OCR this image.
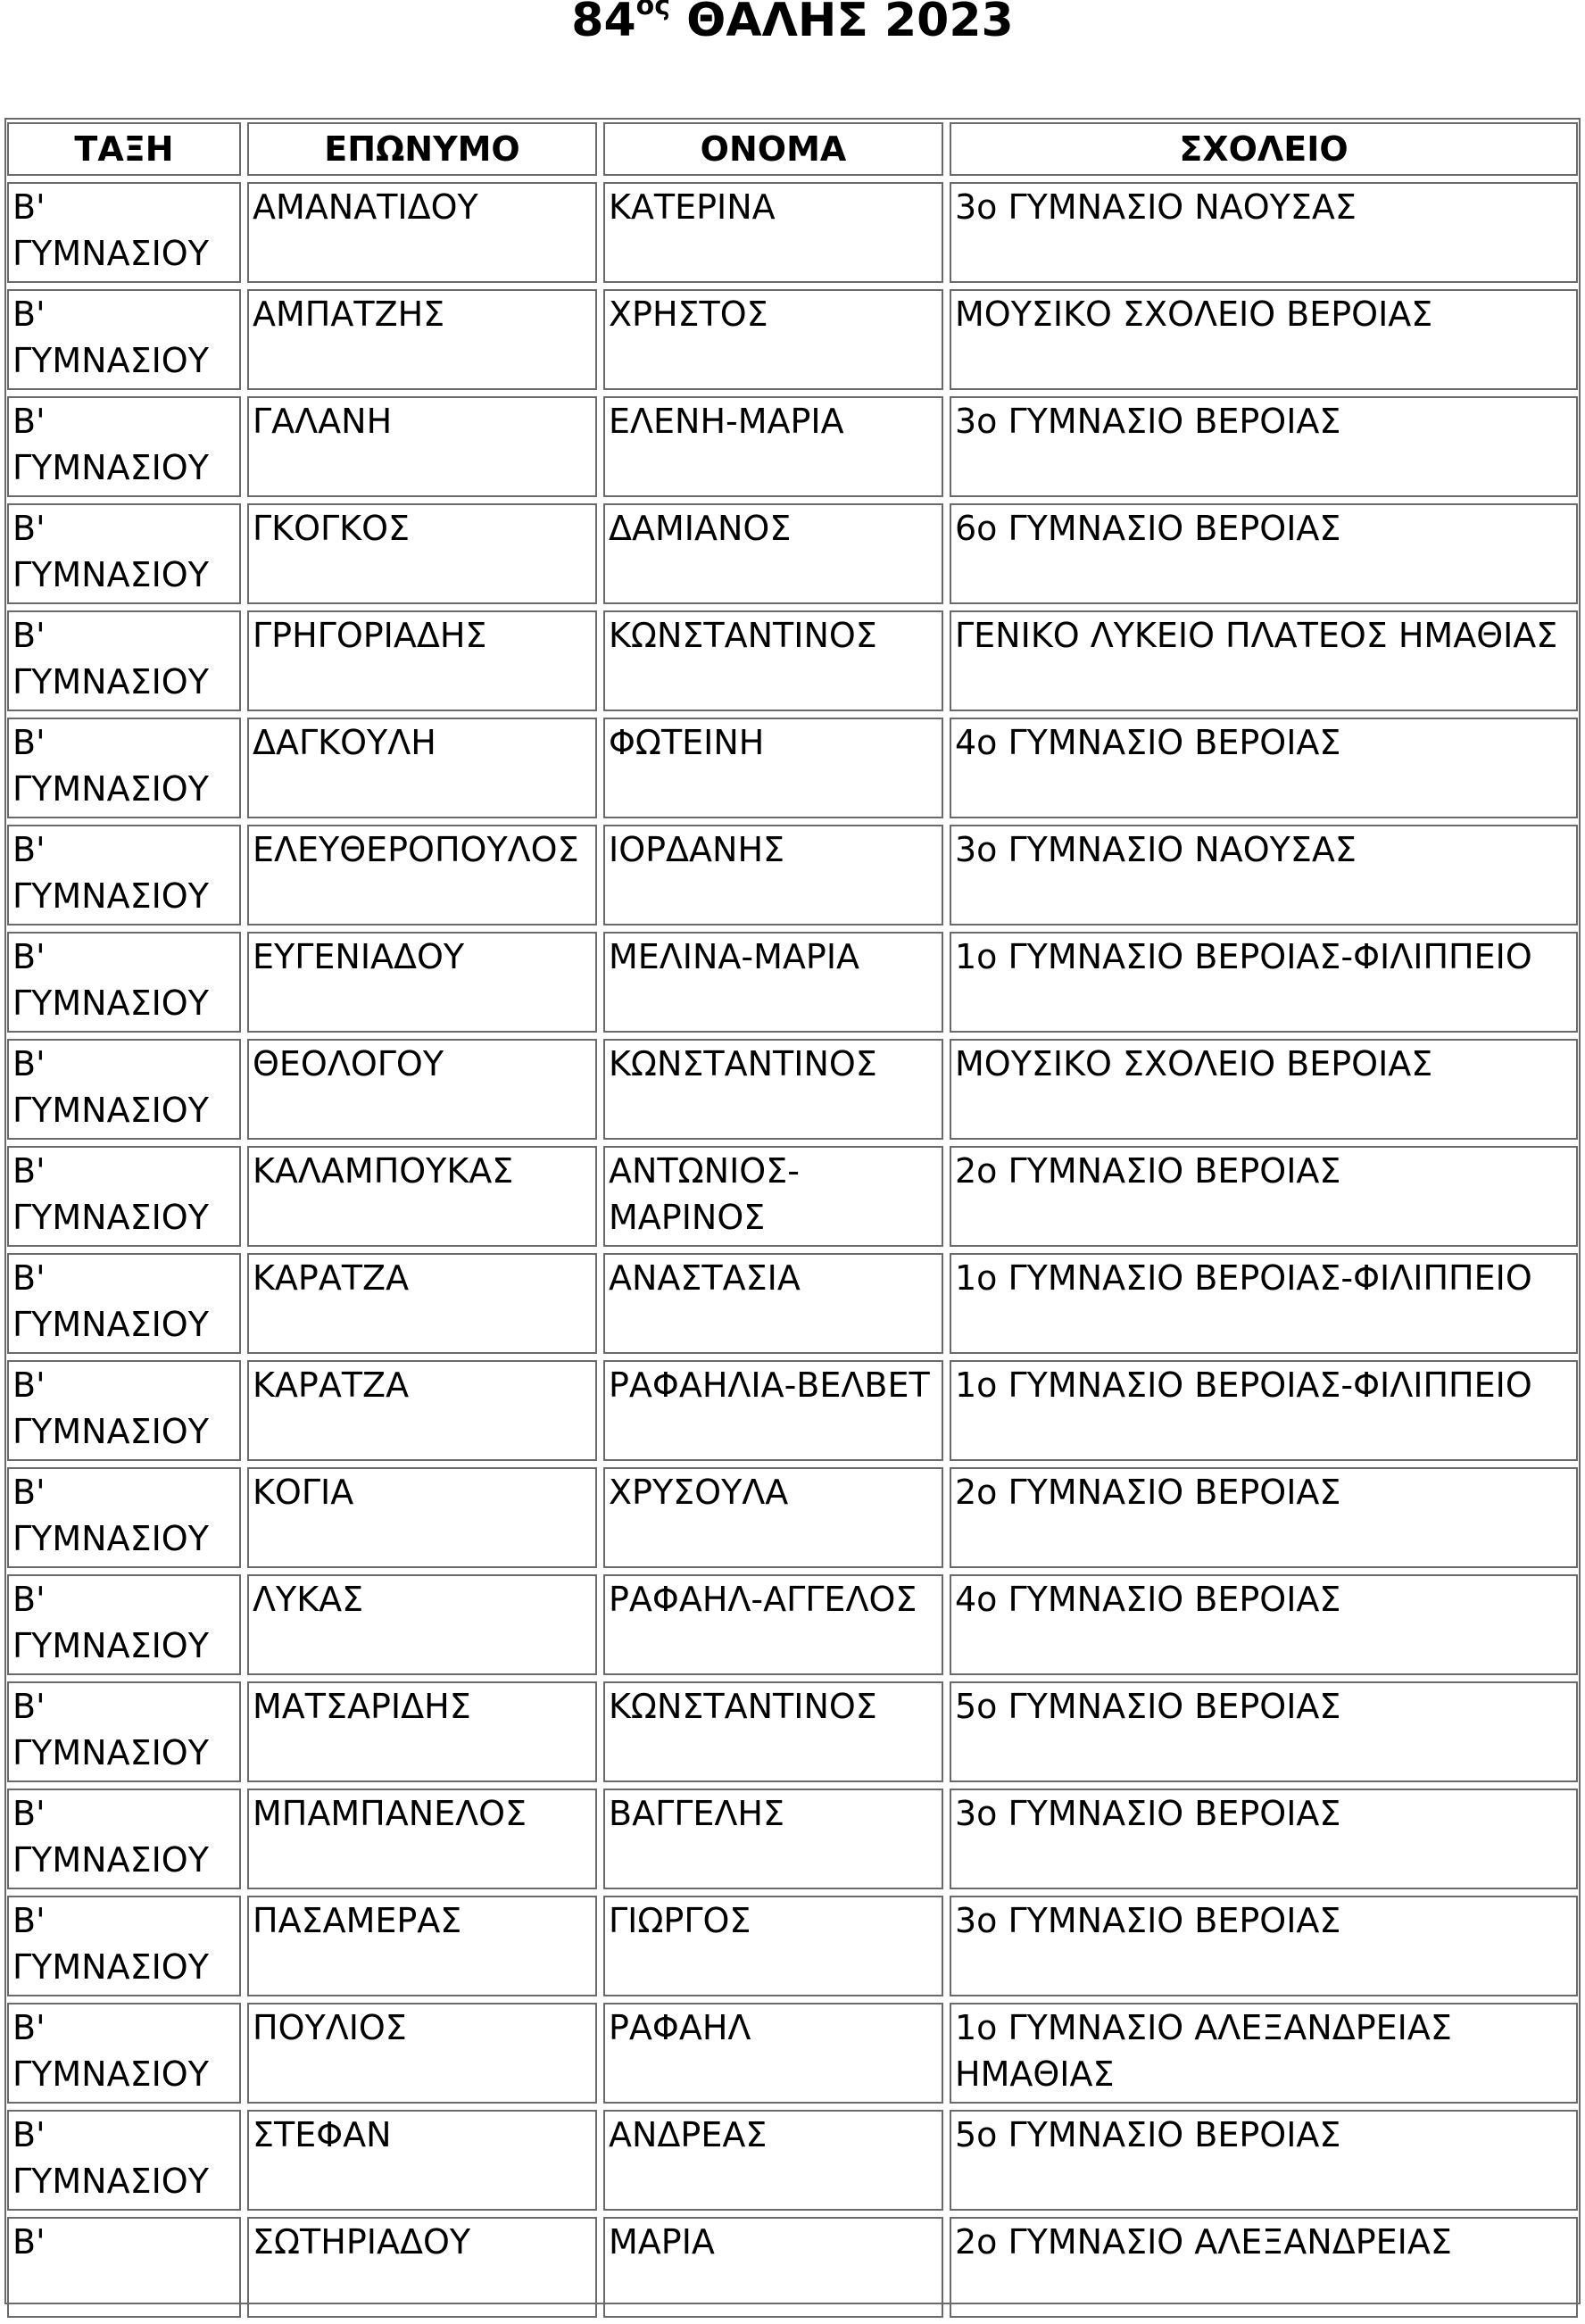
$84^{o\varsigma}$ ΘΑΛΗΣ 2023
ΤΑΞΗ	ΕΠΩΝΥΜΟ	ΟΝΟΜΑ	ΣΧΟΛΕΙΟ
Β' ΓΥΜΝΑΣΙΟΥ	ΑΜΑΝΑΤΙΔΟΥ	ΚΑΤΕΡΙΝΑ	3ο ΓΥΜΝΑΣΙΟ ΝΑΟΥΣΑΣ
Β' ΓΥΜΝΑΣΙΟΥ	ΑΜΠΑΤΖΗΣ	ΧΡΗΣΤΟΣ	ΜΟΥΣΙΚΟ ΣΧΟΛΕΙΟ ΒΕΡΟΙΑΣ
Β' ΓΥΜΝΑΣΙΟΥ	ΓΑΛΑΝΗ	ΕΛΕΝΗ-ΜΑΡΙΑ	3ο ΓΥΜΝΑΣΙΟ ΒΕΡΟΙΑΣ
Β' ΓΥΜΝΑΣΙΟΥ	ΓΚΟΓΚΟΣ	ΔΑΜΙΑΝΟΣ	6ο ΓΥΜΝΑΣΙΟ ΒΕΡΟΙΑΣ
Β' ΓΥΜΝΑΣΙΟΥ	ΓΡΗΓΟΡΙΑΔΗΣ	ΚΩΝΣΤΑΝΤΙΝΟΣ	ΓΕΝΙΚΟ ΛΥΚΕΙΟ ΠΛΑΤΕΟΣ ΗΜΑΘΙΑΣ
Β' ΓΥΜΝΑΣΙΟΥ	ΔΑΓΚΟΥΛΗ	ΦΩΤΕΙΝΗ	4ο ΓΥΜΝΑΣΙΟ ΒΕΡΟΙΑΣ
Β' ΓΥΜΝΑΣΙΟΥ	ΕΛΕΥΘΕΡΟΠΟΥΛΟΣ	ΙΟΡΔΑΝΗΣ	3ο ΓΥΜΝΑΣΙΟ ΝΑΟΥΣΑΣ
Β' ΓΥΜΝΑΣΙΟΥ	ΕΥΓΕΝΙΑΔΟΥ	ΜΕΛΙΝΑ-ΜΑΡΙΑ	1ο ΓΥΜΝΑΣΙΟ ΒΕΡΟΙΑΣ-ΦΙΛΙΠΠΕΙΟ
Β' ΓΥΜΝΑΣΙΟΥ	ΘΕΟΛΟΓΟΥ	ΚΩΝΣΤΑΝΤΙΝΟΣ	ΜΟΥΣΙΚΟ ΣΧΟΛΕΙΟ ΒΕΡΟΙΑΣ
Β' ΓΥΜΝΑΣΙΟΥ	ΚΑΛΑΜΠΟΥΚΑΣ	ΑΝΤΩΝΙΟΣ-ΜΑΡΙΝΟΣ	2ο ΓΥΜΝΑΣΙΟ ΒΕΡΟΙΑΣ
Β' ΓΥΜΝΑΣΙΟΥ	ΚΑΡΑΤΖΑ	ΑΝΑΣΤΑΣΙΑ	1ο ΓΥΜΝΑΣΙΟ ΒΕΡΟΙΑΣ-ΦΙΛΙΠΠΕΙΟ
Β' ΓΥΜΝΑΣΙΟΥ	ΚΑΡΑΤΖΑ	ΡΑΦΑΗΛΙΑ-ΒΕΛΒΕΤ	1ο ΓΥΜΝΑΣΙΟ ΒΕΡΟΙΑΣ-ΦΙΛΙΠΠΕΙΟ
Β' ΓΥΜΝΑΣΙΟΥ	ΚΟΓΙΑ	ΧΡΥΣΟΥΛΑ	2ο ΓΥΜΝΑΣΙΟ ΒΕΡΟΙΑΣ
Β' ΓΥΜΝΑΣΙΟΥ	ΛΥΚΑΣ	ΡΑΦΑΗΛ-ΑΓΓΕΛΟΣ	4ο ΓΥΜΝΑΣΙΟ ΒΕΡΟΙΑΣ
Β' ΓΥΜΝΑΣΙΟΥ	ΜΑΤΣΑΡΙΔΗΣ	ΚΩΝΣΤΑΝΤΙΝΟΣ	5ο ΓΥΜΝΑΣΙΟ ΒΕΡΟΙΑΣ
Β' ΓΥΜΝΑΣΙΟΥ	ΜΠΑΜΠΑΝΕΛΟΣ	ΒΑΓΓΕΛΗΣ	3ο ΓΥΜΝΑΣΙΟ ΒΕΡΟΙΑΣ
Β' ΓΥΜΝΑΣΙΟΥ	ΠΑΣΑΜΕΡΑΣ	ΓΙΩΡΓΟΣ	3ο ΓΥΜΝΑΣΙΟ ΒΕΡΟΙΑΣ
Β' ΓΥΜΝΑΣΙΟΥ	ΠΟΥΛΙΟΣ	ΡΑΦΑΗΛ	1ο ΓΥΜΝΑΣΙΟ ΑΛΕΞΑΝΔΡΕΙΑΣ ΗΜΑΘΙΑΣ
Β' ΓΥΜΝΑΣΙΟΥ	ΣΤΕΦΑΝ	ΑΝΔΡΕΑΣ	5ο ΓΥΜΝΑΣΙΟ ΒΕΡΟΙΑΣ
Β'	ΣΩΤΗΡΙΑΔΟΥ	ΜΑΡΙΑ	2ο ΓΥΜΝΑΣΙΟ ΑΛΕΞΑΝΔΡΕΙΑΣ
